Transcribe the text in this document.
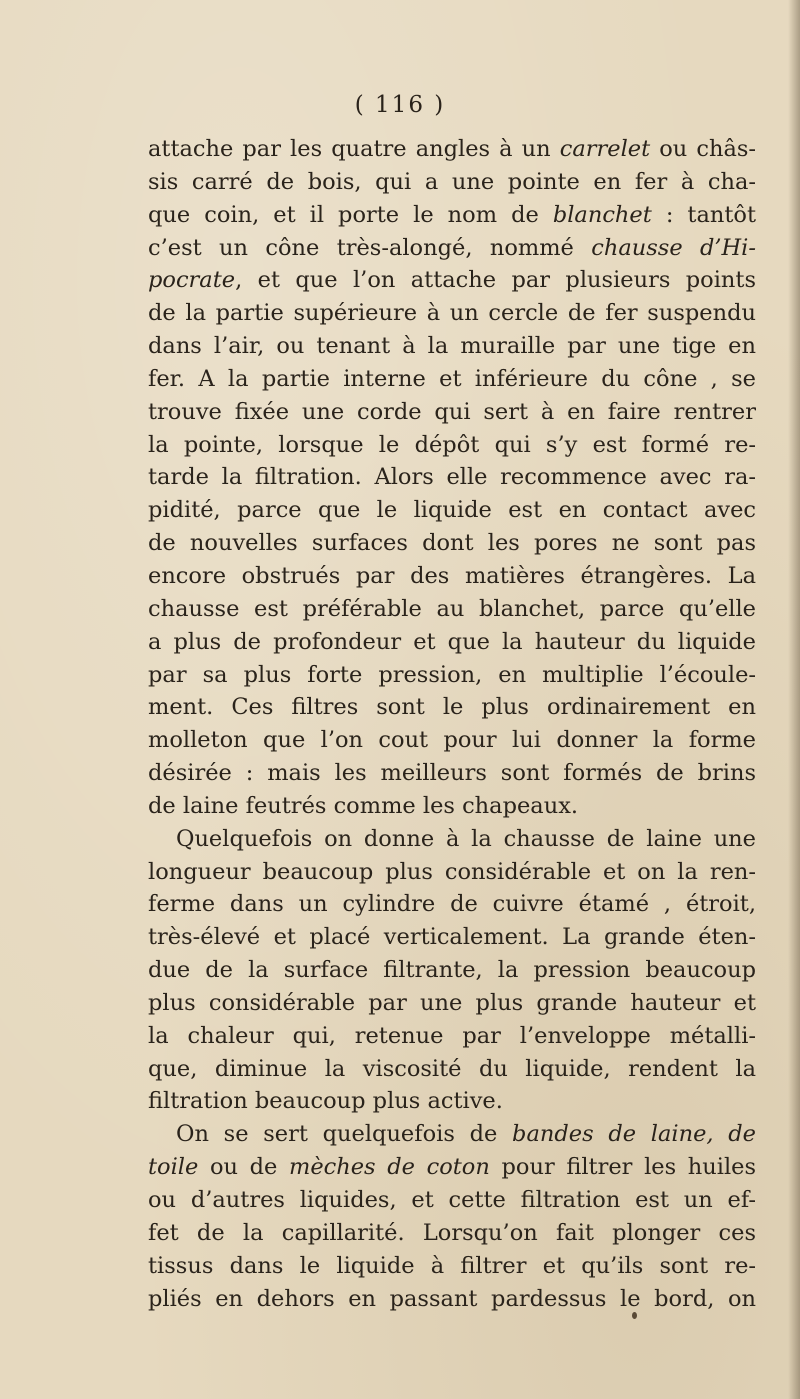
( 116 )
attache par les quatre angles à un carrelet ou châs-
sis carré de bois, qui a une pointe en fer à cha-
que coin, et il porte le nom de blanchet : tantôt
c’est un cône très-alongé, nommé chausse d’Hi-
pocrate, et que l’on attache par plusieurs points
de la partie supérieure à un cercle de fer suspendu
dans l’air, ou tenant à la muraille par une tige en
fer. A la partie interne et inférieure du cône , se
trouve fixée une corde qui sert à en faire rentrer
la pointe, lorsque le dépôt qui s’y est formé re-
tarde la filtration. Alors elle recommence avec ra-
pidité, parce que le liquide est en contact avec
de nouvelles surfaces dont les pores ne sont pas
encore obstrués par des matières étrangères. La
chausse est préférable au blanchet, parce qu’elle
a plus de profondeur et que la hauteur du liquide
par sa plus forte pression, en multiplie l’écoule-
ment. Ces filtres sont le plus ordinairement en
molleton que l’on cout pour lui donner la forme
désirée : mais les meilleurs sont formés de brins
de laine feutrés comme les chapeaux.
Quelquefois on donne à la chausse de laine une
longueur beaucoup plus considérable et on la ren-
ferme dans un cylindre de cuivre étamé , étroit,
très-élevé et placé verticalement. La grande éten-
due de la surface filtrante, la pression beaucoup
plus considérable par une plus grande hauteur et
la chaleur qui, retenue par l’enveloppe métalli-
que, diminue la viscosité du liquide, rendent la
filtration beaucoup plus active.
On se sert quelquefois de bandes de laine, de
toile ou de mèches de coton pour filtrer les huiles
ou d’autres liquides, et cette filtration est un ef-
fet de la capillarité. Lorsqu’on fait plonger ces
tissus dans le liquide à filtrer et qu’ils sont re-
pliés en dehors en passant pardessus le bord, on
